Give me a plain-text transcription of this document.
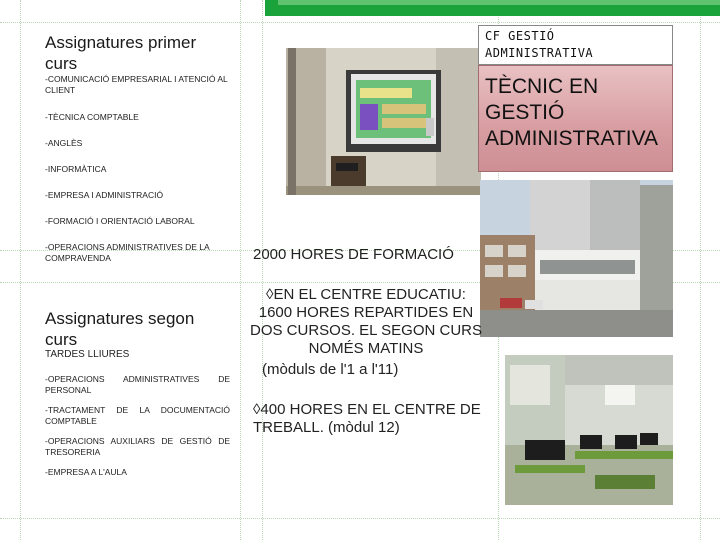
Assignatures primer curs
-COMUNICACIÓ EMPRESARIAL I ATENCIÓ AL CLIENT
-TÈCNICA COMPTABLE
-ANGLÈS
-INFORMÀTICA
-EMPRESA I ADMINISTRACIÓ
-FORMACIÓ I ORIENTACIÓ LABORAL
-OPERACIONS ADMINISTRATIVES DE LA COMPRAVENDA
Assignatures segon curs
TARDES LLIURES
-OPERACIONS ADMINISTRATIVES DE PERSONAL
-TRACTAMENT DE LA DOCUMENTACIÓ COMPTABLE
-OPERACIONS AUXILIARS DE GESTIÓ DE TRESORERIA
-EMPRESA A L'AULA
CF GESTIÓ ADMINISTRATIVA
TÈCNIC EN GESTIÓ ADMINISTRATIVA
2000 HORES DE FORMACIÓ
◊EN EL CENTRE EDUCATIU: 1600 HORES REPARTIDES EN DOS CURSOS. EL SEGON CURS NOMÉS MATINS
(mòduls de l'1 a l'11)
◊400 HORES EN EL CENTRE DE TREBALL. (mòdul 12)
